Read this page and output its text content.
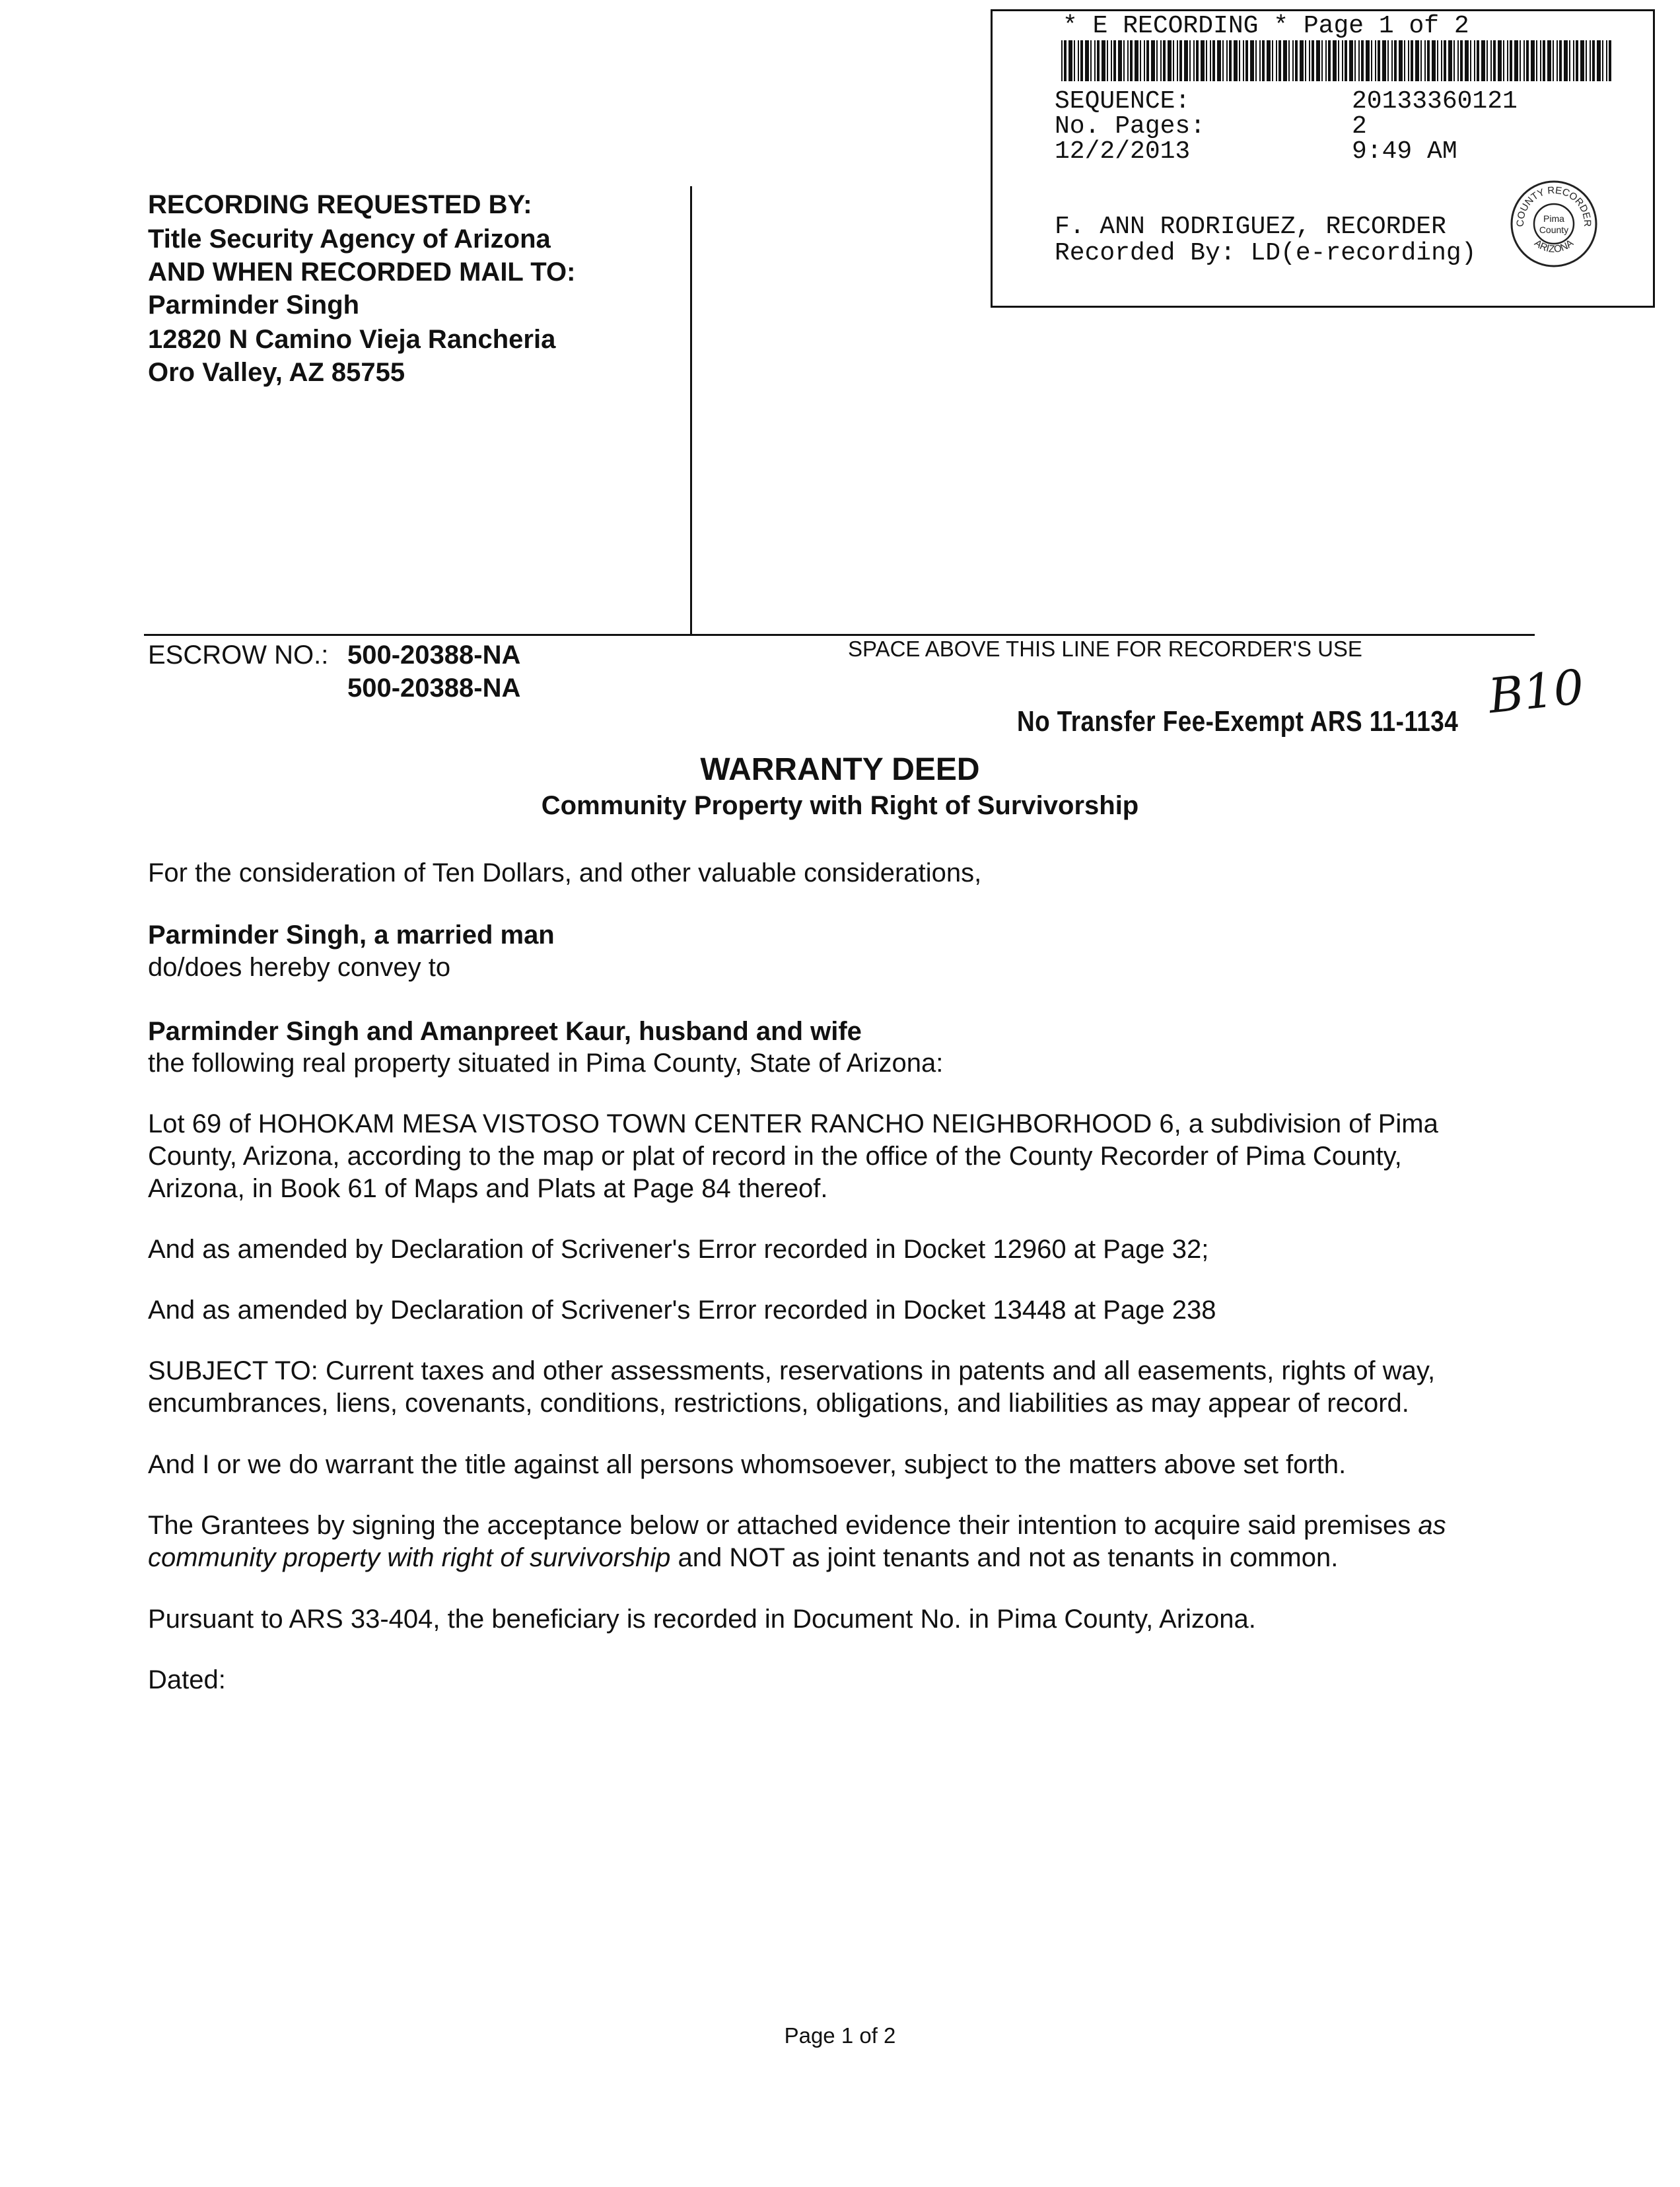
* E RECORDING * Page 1 of 2
SEQUENCE:	20133360121
No. Pages:	2
12/2/2013	9:49 AM
F. ANN RODRIGUEZ, RECORDER
Recorded By: LD(e-recording)
COUNTY RECORDER
ARIZONA
Pima
County
RECORDING REQUESTED BY:
Title Security Agency of Arizona
AND WHEN RECORDED MAIL TO:
Parminder Singh
12820 N Camino Vieja Rancheria
Oro Valley, AZ 85755
ESCROW NO.: 500-20388-NA
500-20388-NA
SPACE ABOVE THIS LINE FOR RECORDER'S USE
No Transfer Fee-Exempt ARS 11-1134 B10
WARRANTY DEED
Community Property with Right of Survivorship
For the consideration of Ten Dollars, and other valuable considerations,
Parminder Singh, a married man
do/does hereby convey to
Parminder Singh and Amanpreet Kaur, husband and wife
the following real property situated in Pima County, State of Arizona:
Lot 69 of HOHOKAM MESA VISTOSO TOWN CENTER RANCHO NEIGHBORHOOD 6, a subdivision of Pima
County, Arizona, according to the map or plat of record in the office of the County Recorder of Pima County,
Arizona, in Book 61 of Maps and Plats at Page 84 thereof.
And as amended by Declaration of Scrivener's Error recorded in Docket 12960 at Page 32;
And as amended by Declaration of Scrivener's Error recorded in Docket 13448 at Page 238
SUBJECT TO: Current taxes and other assessments, reservations in patents and all easements, rights of way,
encumbrances, liens, covenants, conditions, restrictions, obligations, and liabilities as may appear of record.
And I or we do warrant the title against all persons whomsoever, subject to the matters above set forth.
The Grantees by signing the acceptance below or attached evidence their intention to acquire said premises as
community property with right of survivorship and NOT as joint tenants and not as tenants in common.
Pursuant to ARS 33-404, the beneficiary is recorded in Document No. in Pima County, Arizona.
Dated:
Page 1 of 2
